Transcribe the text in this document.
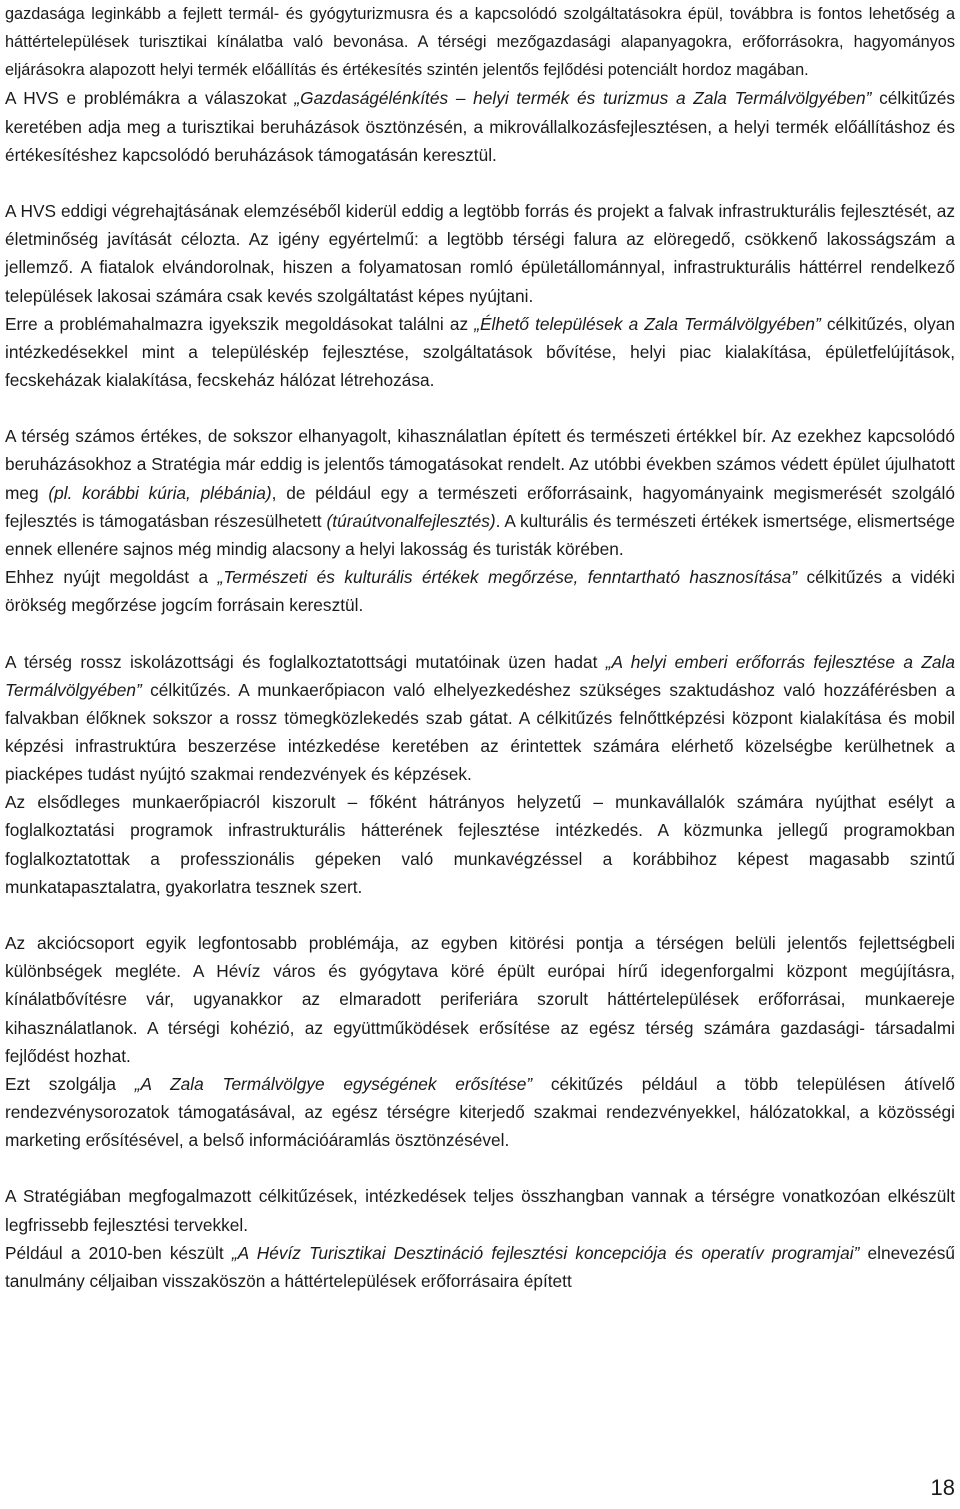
gazdasága leginkább a fejlett termál- és gyógyturizmusra és a kapcsolódó szolgáltatásokra épül, továbbra is fontos lehetőség a háttértelepülések turisztikai kínálatba való bevonása. A térségi mezőgazdasági alapanyagokra, erőforrásokra, hagyományos eljárásokra alapozott helyi termék előállítás és értékesítés szintén jelentős fejlődési potenciált hordoz magában.

A HVS e problémákra a válaszokat „Gazdaságélénkítés – helyi termék és turizmus a Zala Termálvölgyében” célkitűzés keretében adja meg a turisztikai beruházások ösztönzésén, a mikrovállalkozásfejlesztésen, a helyi termék előállításhoz és értékesítéshez kapcsolódó beruházások támogatásán keresztül.

A HVS eddigi végrehajtásának elemzéséből kiderül eddig a legtöbb forrás és projekt a falvak infrastrukturális fejlesztését, az életminőség javítását célozta. Az igény egyértelmű: a legtöbb térségi falura az elöregedő, csökkenő lakosságszám a jellemző. A fiatalok elvándorolnak, hiszen a folyamatosan romló épületállománnyal, infrastrukturális háttérrel rendelkező települések lakosai számára csak kevés szolgáltatást képes nyújtani.

Erre a problémahalmazra igyekszik megoldásokat találni az „Élhető települések a Zala Termálvölgyében” célkitűzés, olyan intézkedésekkel mint a településkép fejlesztése, szolgáltatások bővítése, helyi piac kialakítása, épületfelújítások, fecskeházak kialakítása, fecskeház hálózat létrehozása.

A térség számos értékes, de sokszor elhanyagolt, kihasználatlan épített és természeti értékkel bír. Az ezekhez kapcsolódó beruházásokhoz a Stratégia már eddig is jelentős támogatásokat rendelt. Az utóbbi években számos védett épület újulhatott meg (pl. korábbi kúria, plébánia), de például egy a természeti erőforrásaink, hagyományaink megismerését szolgáló fejlesztés is támogatásban részesülhetett (túraútvonalfejlesztés). A kulturális és természeti értékek ismertsége, elismertsége ennek ellenére sajnos még mindig alacsony a helyi lakosság és turisták körében.

Ehhez nyújt megoldást a „Természeti és kulturális értékek megőrzése, fenntartható hasznosítása” célkitűzés a vidéki örökség megőrzése jogcím forrásain keresztül.

A térség rossz iskolázottsági és foglalkoztatottsági mutatóinak üzen hadat „A helyi emberi erőforrás fejlesztése a Zala Termálvölgyében” célkitűzés. A munkaerőpiacon való elhelyezkedéshez szükséges szaktudáshoz való hozzáférésben a falvakban élőknek sokszor a rossz tömegközlekedés szab gátat. A célkitűzés felnőttképzési központ kialakítása és mobil képzési infrastruktúra beszerzése intézkedése keretében az érintettek számára elérhető közelségbe kerülhetnek a piacképes tudást nyújtó szakmai rendezvények és képzések.

Az elsődleges munkaerőpiacról kiszorult – főként hátrányos helyzetű – munkavállalók számára nyújthat esélyt a foglalkoztatási programok infrastrukturális hátterének fejlesztése intézkedés. A közmunka jellegű programokban foglalkoztatottak a professzionális gépeken való munkavégzéssel a korábbihoz képest magasabb szintű munkatapasztalatra, gyakorlatra tesznek szert.

Az akciócsoport egyik legfontosabb problémája, az egyben kitörési pontja a térségen belüli jelentős fejlettségbeli különbségek megléte. A Hévíz város és gyógytava köré épült európai hírű idegenforgalmi központ megújításra, kínálatbővítésre vár, ugyanakkor az elmaradott periferiára szorult háttértelepülések erőforrásai, munkaereje kihasználatlanok. A térségi kohézió, az együttműködések erősítése az egész térség számára gazdasági- társadalmi fejlődést hozhat.

Ezt szolgálja „A Zala Termálvölgye egységének erősítése” cékitűzés például a több településen átívelő rendezvénysorozatok támogatásával, az egész térségre kiterjedő szakmai rendezvényekkel, hálózatokkal, a közösségi marketing erősítésével, a belső információáramlás ösztönzésével.

A Stratégiában megfogalmazott célkitűzések, intézkedések teljes összhangban vannak a térségre vonatkozóan elkészült legfrissebb fejlesztési tervekkel.

Például a 2010-ben készült „A Hévíz Turisztikai Desztináció fejlesztési koncepciója és operatív programjai” elnevezésű tanulmány céljaiban visszaköszön a háttértelepülések erőforrásaira épített

18
